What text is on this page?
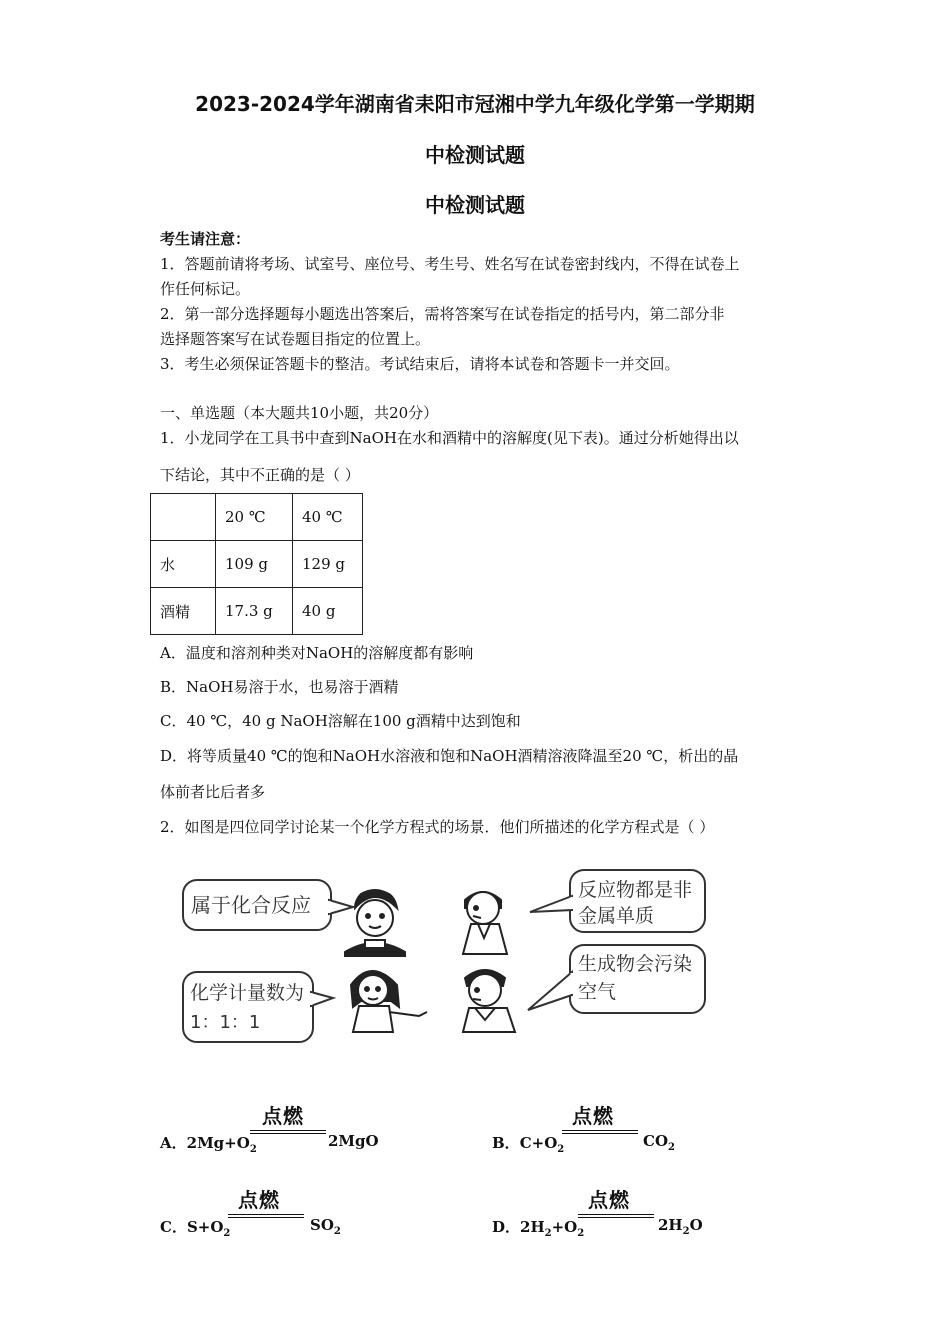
2023-2024学年湖南省耒阳市冠湘中学九年级化学第一学期期
中检测试题
中检测试题
考生请注意：
1．答题前请将考场、试室号、座位号、考生号、姓名写在试卷密封线内，不得在试卷上
作任何标记。
2．第一部分选择题每小题选出答案后，需将答案写在试卷指定的括号内，第二部分非
选择题答案写在试卷题目指定的位置上。
3．考生必须保证答题卡的整洁。考试结束后，请将本试卷和答题卡一并交回。
一、单选题（本大题共10小题，共20分）
1．小龙同学在工具书中查到NaOH在水和酒精中的溶解度(见下表)。通过分析她得出以
下结论，其中不正确的是（ ）
	20 ℃	40 ℃
水	109 g	129 g
酒精	17.3 g	40 g
A．温度和溶剂种类对NaOH的溶解度都有影响
B．NaOH易溶于水，也易溶于酒精
C．40 ℃，40 g NaOH溶解在100 g酒精中达到饱和
D．将等质量40 ℃的饱和NaOH水溶液和饱和NaOH酒精溶液降温至20 ℃，析出的晶
体前者比后者多
2．如图是四位同学讨论某一个化学方程式的场景．他们所描述的化学方程式是（ ）
属于化合反应
化学计量数为
1：1：1
反应物都是非
金属单质
生成物会污染
空气
点燃
A．$2Mg+O_2$	2MgO
点燃
B．$C+O_2$	$CO_2$
点燃
C．$S+O_2$	$SO_2$
点燃
D．$2H_2+O_2$	$2H_2O$
